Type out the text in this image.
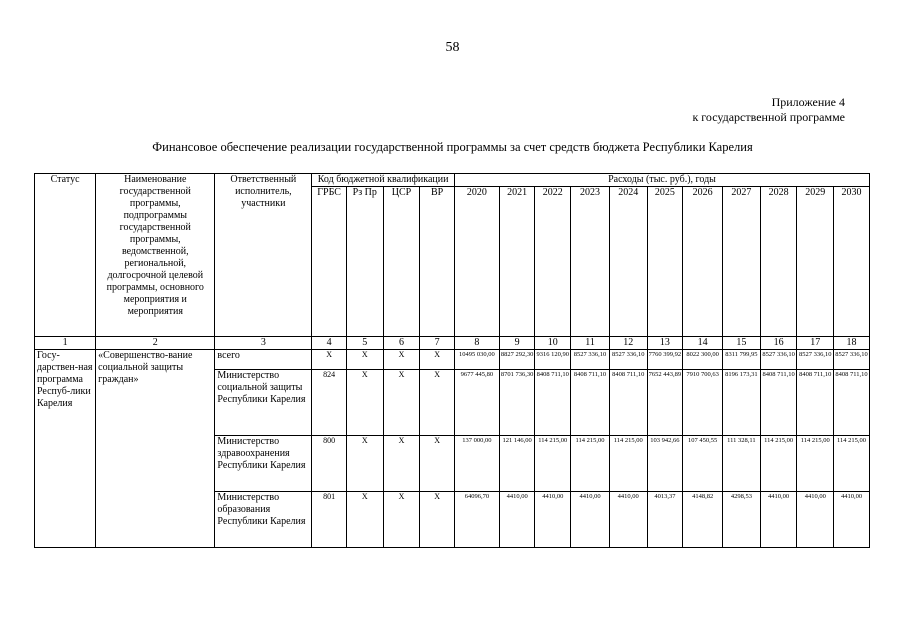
58
Приложение 4
к государственной программе
Финансовое обеспечение реализации государственной программы за счет средств бюджета Республики Карелия
Статус	Наименование государственной программы, подпрограммы государственной программы, ведомственной, региональной, долгосрочной целевой программы, основного мероприятия и мероприятия	Ответственный исполнитель, участники	Код бюджетной квалификации				Расходы (тыс. руб.), годы										
			ГРБС	Рз Пр	ЦСР	ВР	2020	2021	2022	2023	2024	2025	2026	2027	2028	2029	2030
1	2	3	4	5	6	7	8	9	10	11	12	13	14	15	16	17	18
Госу-дарствен-ная программа Респуб-лики Карелия	«Совершенство-вание социальной защиты граждан»	всего	X	X	X	X	10495 030,00	8827 292,30	9316 120,90	8527 336,10	8527 336,10	7760 399,92	8022 300,00	8311 799,95	8527 336,10	8527 336,10	8527 336,10
		Министерство социальной защиты Республики Карелия	824	X	X	X	9677 445,80	8701 736,30	8408 711,10	8408 711,10	8408 711,10	7652 443,89	7910 700,63	8196 173,31	8408 711,10	8408 711,10	8408 711,10
		Министерство здравоохранения Республики Карелия	800	X	X	X	137 000,00	121 146,00	114 215,00	114 215,00	114 215,00	103 942,66	107 450,55	111 328,11	114 215,00	114 215,00	114 215,00
		Министерство образования Республики Карелия	801	X	X	X	64096,70	4410,00	4410,00	4410,00	4410,00	4013,37	4148,82	4298,53	4410,00	4410,00	4410,00
